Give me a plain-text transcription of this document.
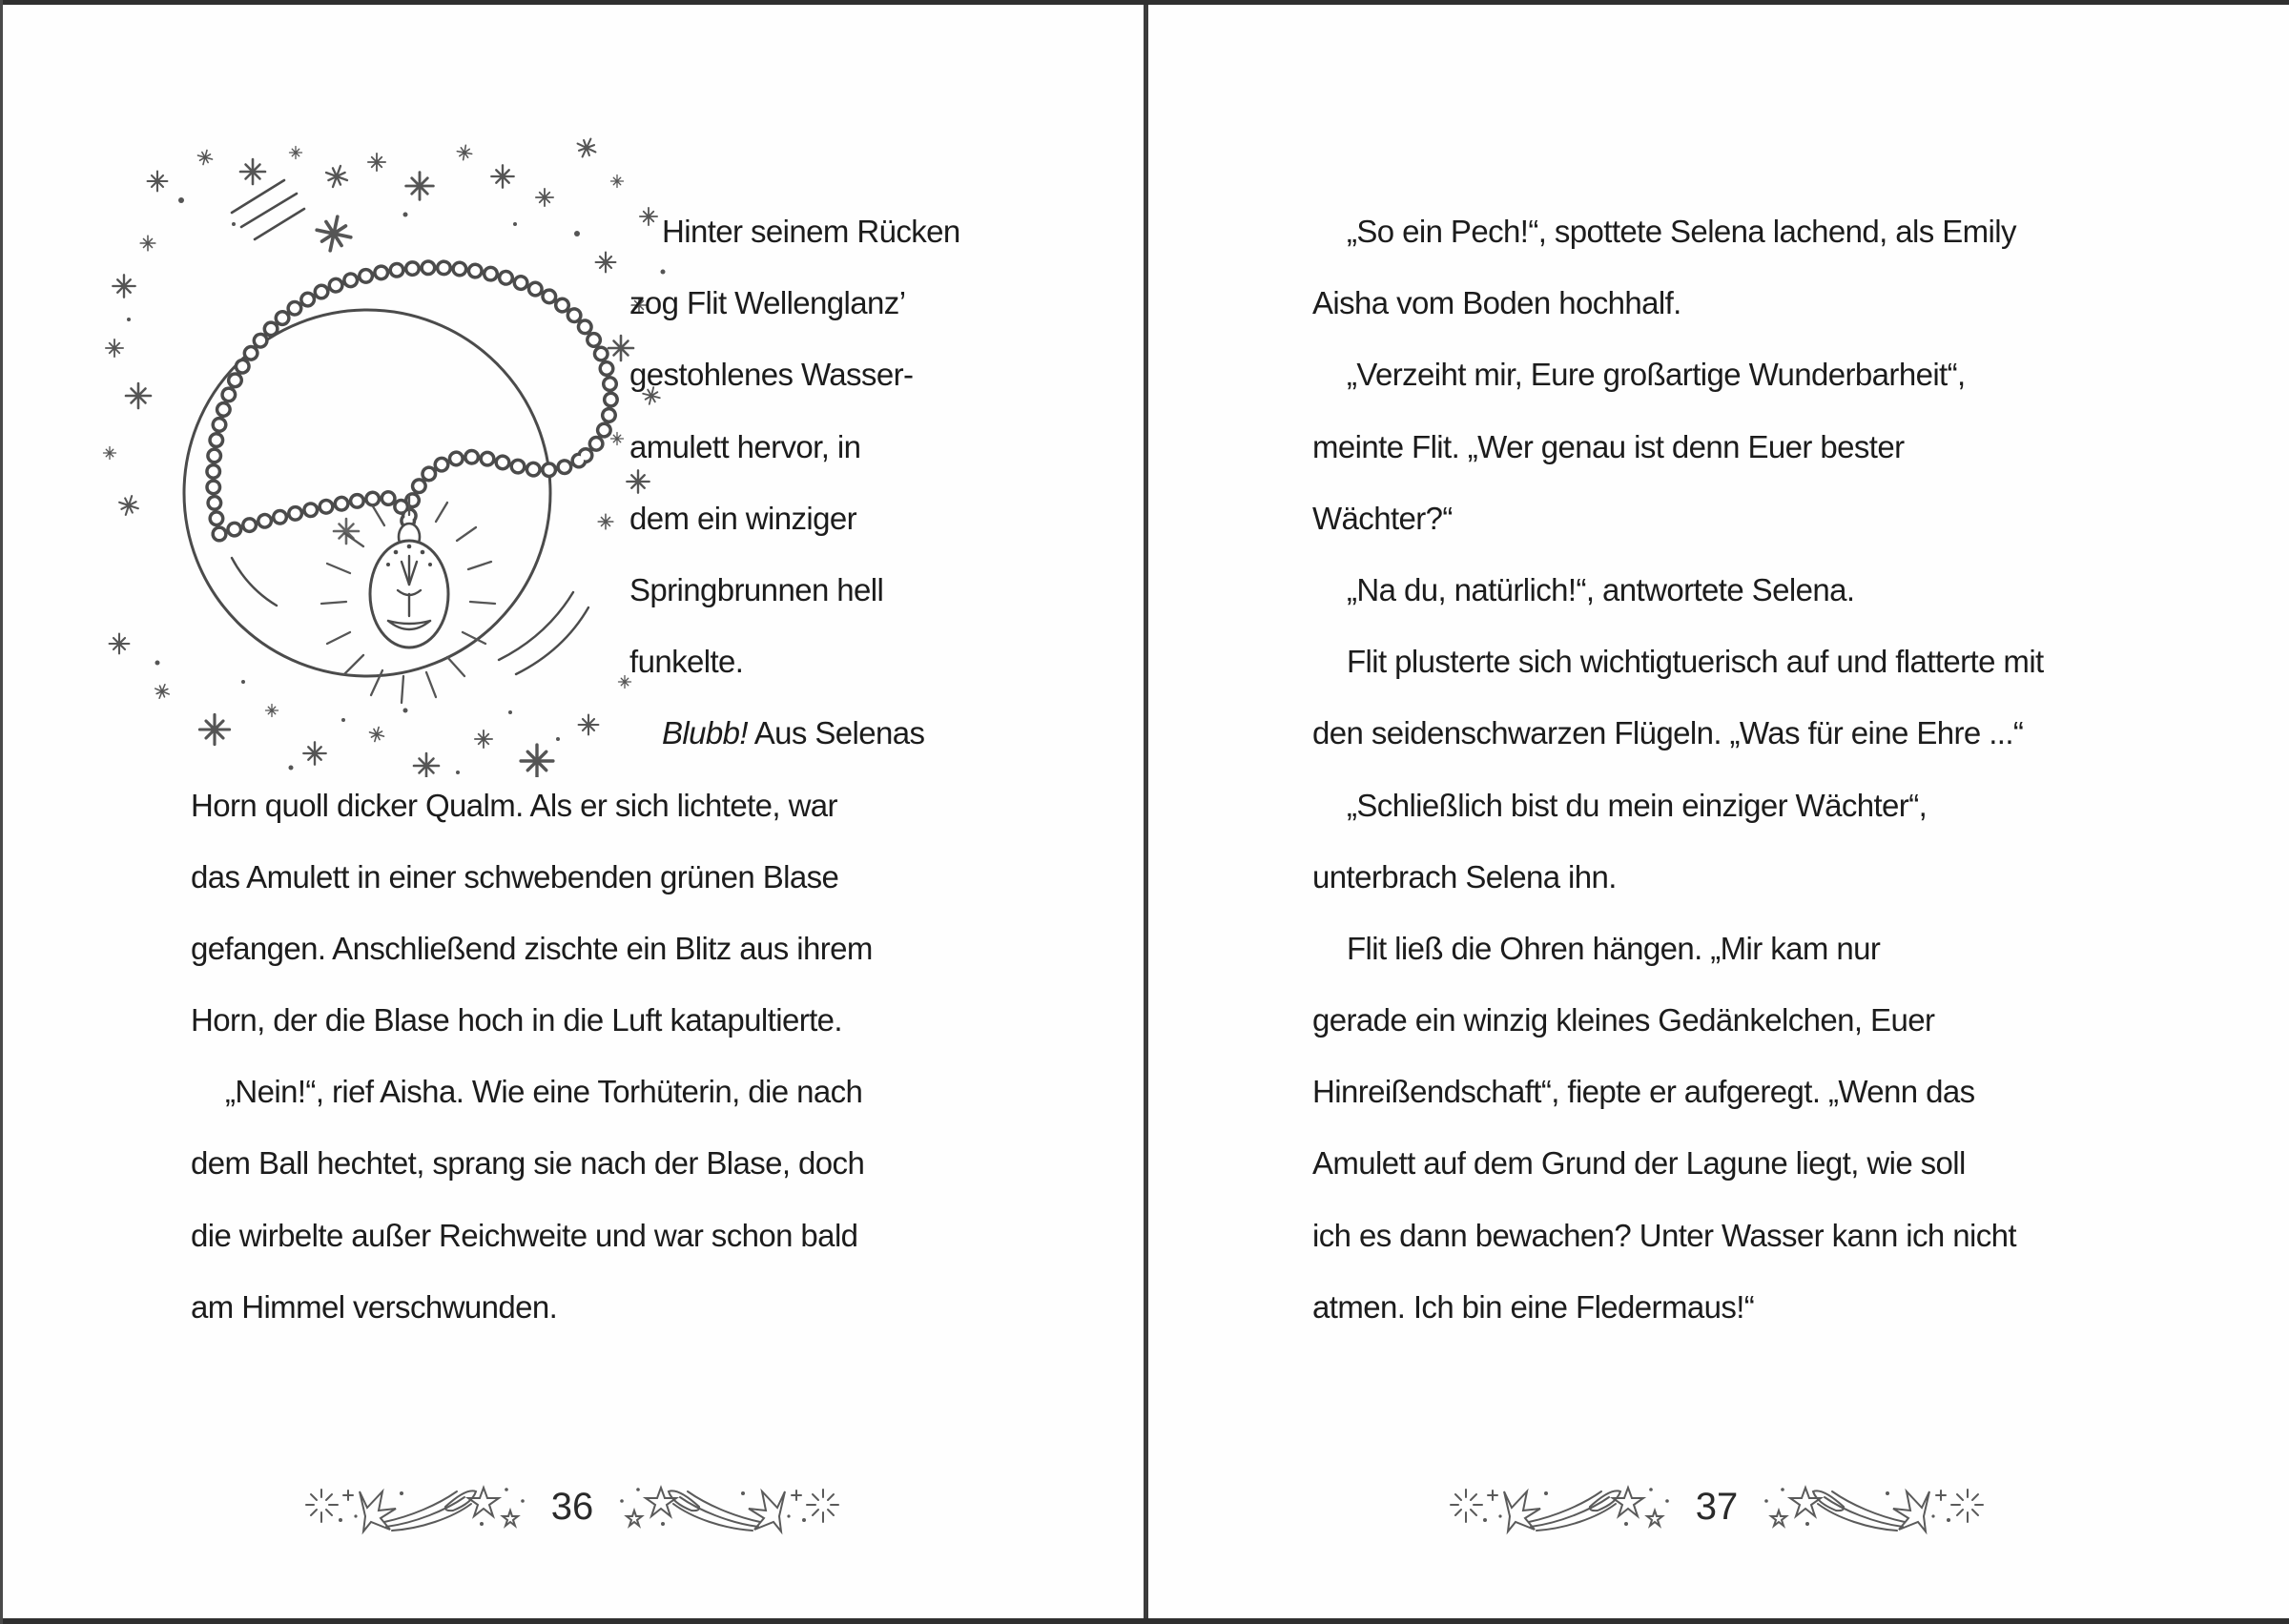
Hinter seinem Rücken
zog Flit Wellenglanz’
gestohlenes Wasser-
amulett hervor, in
dem ein winziger
Springbrunnen hell
funkelte.
Blubb! Aus Selenas
Horn quoll dicker Qualm. Als er sich lichtete, war
das Amulett in einer schwebenden grünen Blase
gefangen. Anschließend zischte ein Blitz aus ihrem
Horn, der die Blase hoch in die Luft katapultierte.
„Nein!“, rief Aisha. Wie eine Torhüterin, die nach
dem Ball hechtet, sprang sie nach der Blase, doch
die wirbelte außer Reichweite und war schon bald
am Himmel verschwunden.
36
„So ein Pech!“, spottete Selena lachend, als Emily
Aisha vom Boden hochhalf.
„Verzeiht mir, Eure großartige Wunderbarheit“,
meinte Flit. „Wer genau ist denn Euer bester
Wächter?“
„Na du, natürlich!“, antwortete Selena.
Flit plusterte sich wichtigtuerisch auf und flatterte mit
den seidenschwarzen Flügeln. „Was für eine Ehre ...“
„Schließlich bist du mein einziger Wächter“,
unterbrach Selena ihn.
Flit ließ die Ohren hängen. „Mir kam nur
gerade ein winzig kleines Gedänkelchen, Euer
Hinreißendschaft“, fiepte er aufgeregt. „Wenn das
Amulett auf dem Grund der Lagune liegt, wie soll
ich es dann bewachen? Unter Wasser kann ich nicht
atmen. Ich bin eine Fledermaus!“
37
